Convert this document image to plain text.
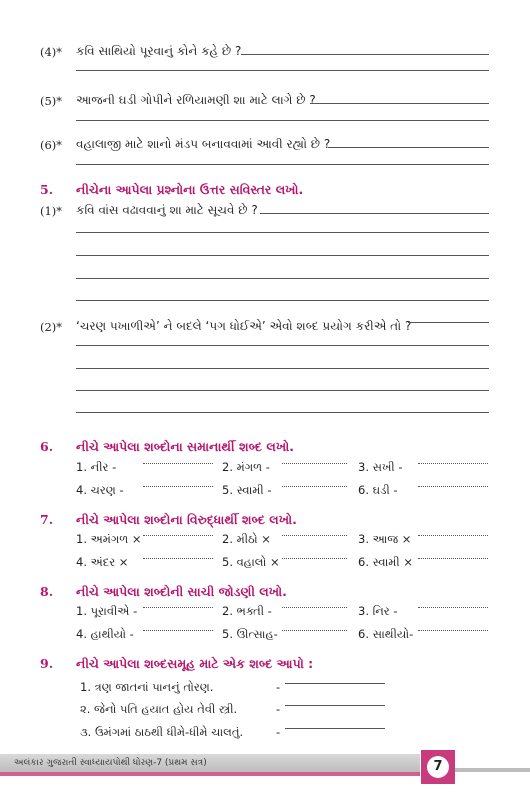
(4)* કવિ સાથિયો પૂરવાનું કોને કહે છે ?
(5)* આજની ઘડી ગોપીને રળિયામણી શા માટે લાગે છે ?
(6)* વહાલાજી માટે શાનો મંડપ બનાવવામાં આવી રહ્યો છે ?
5. નીચેના આપેલા પ્રશ્નોના ઉત્તર સવિસ્તર લખો.
(1)* કવિ વાંસ વઢાવવાનું શા માટે સૂચવે છે ?
(2)* ‘ચરણ પખાળીએ’ ને બદલે ‘પગ ધોઈએ’ એવો શબ્દ પ્રયોગ કરીએ તો ?
6. નીચે આપેલા શબ્દોના સમાનાર્થી શબ્દ લખો.
1. નીર -	2. મંગળ -	3. સખી -
4. ચરણ -	5. સ્વામી -	6. ઘડી -
7. નીચે આપેલા શબ્દોના વિરુદ્ધાર્થી શબ્દ લખો.
1. અમંગળ ×	2. મીઠો ×	3. આજ ×
4. અંદર ×	5. વહાલો ×	6. સ્વામી ×
8. નીચે આપેલા શબ્દોની સાચી જોડણી લખો.
1. પૂરાવીએ -	2. ભક્તી -	3. નિર -
4. હાથીયો -	5. ઊત્સાહ-	6. સાથીયો-
9. નીચે આપેલા શબ્દસમૂહ માટે એક શબ્દ આપો :
1. ત્રણ જાતનાં પાનનું તોરણ.	-
૨. જેનો પતિ હયાત હોય તેવી સ્ત્રી.	-
૩. ઉમંગમાં ઠાઠથી ધીમે-ધીમે ચાલતું.	-
અલંકાર ગુજરાતી સ્વાધ્યાયપોથી ધોરણ-7 (પ્રથમ સત્ર)	7
